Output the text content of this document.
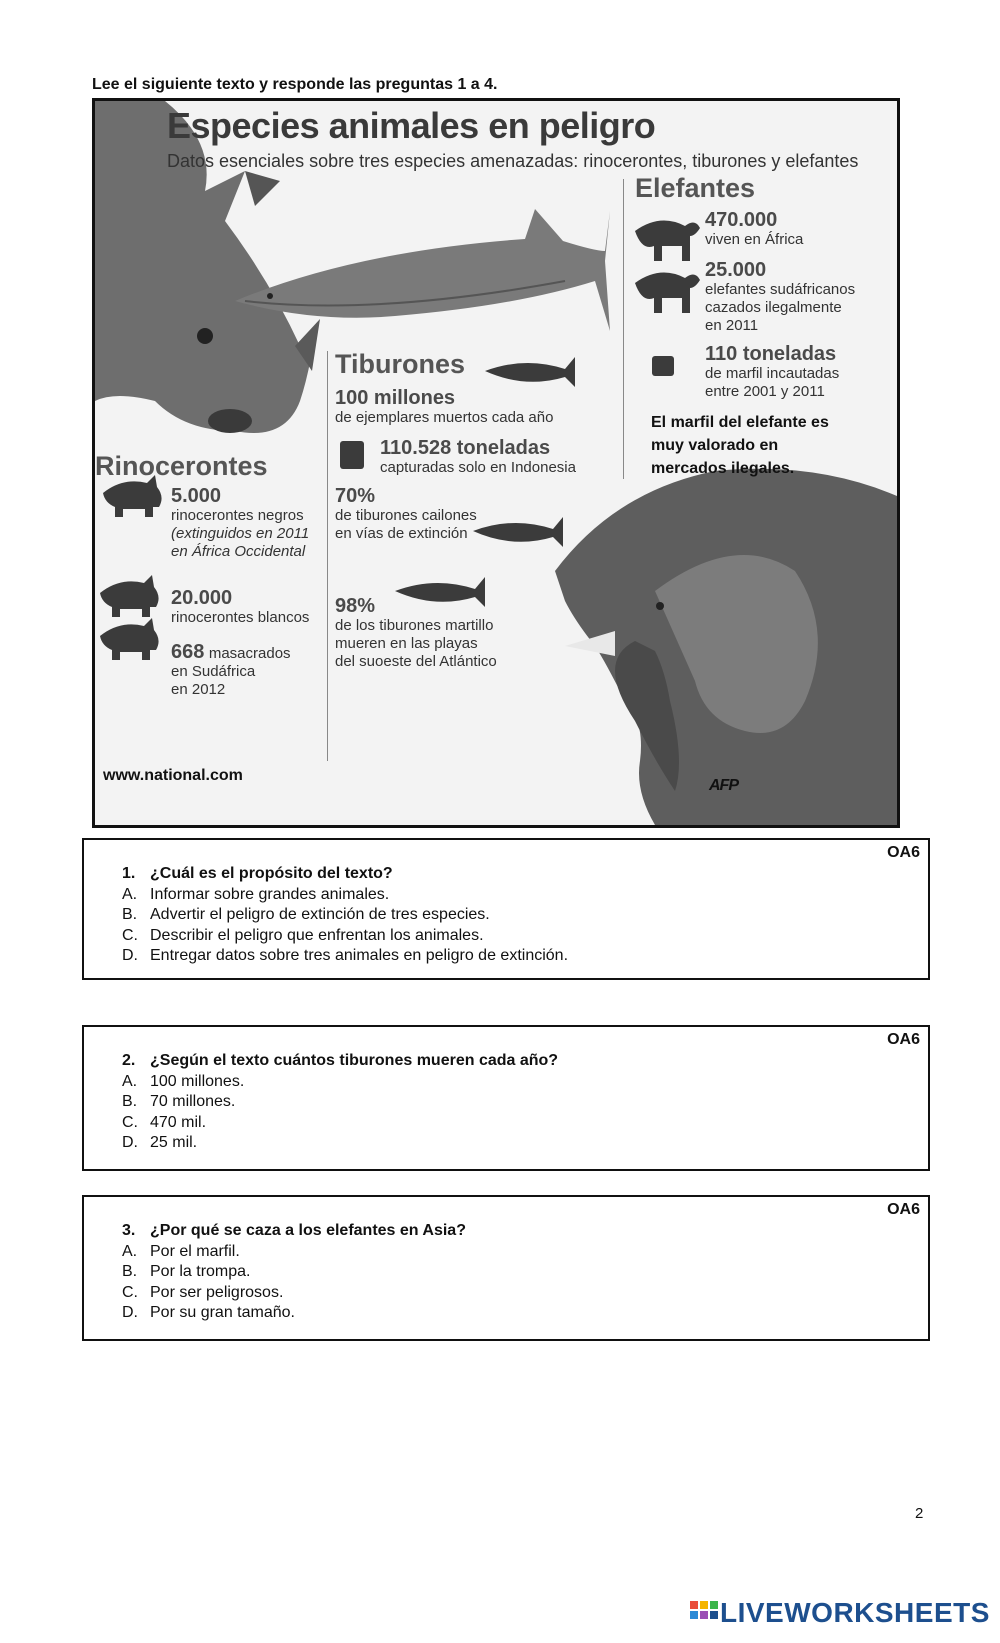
Lee el siguiente texto y responde las preguntas 1 a 4.
Especies animales en peligro
Datos esenciales sobre tres especies amenazadas: rinocerontes, tiburones y elefantes
Elefantes
470.000
viven en África
25.000
elefantes sudáfricanos
cazados ilegalmente
en 2011
110 toneladas
de marfil incautadas
entre 2001 y 2011
El marfil del elefante es
muy valorado en
mercados ilegales.
Tiburones
100 millones
de ejemplares muertos cada año
110.528 toneladas
capturadas solo en Indonesia
70%
de tiburones cailones
en vías de extinción
98%
de los tiburones martillo
mueren en las playas
del suoeste del Atlántico
Rinocerontes
5.000
rinocerontes negros
(extinguidos en 2011
en África Occidental
20.000
rinocerontes blancos
668 masacrados
en Sudáfrica
en 2012
www.national.com
AFP
OA6
1. ¿Cuál es el propósito del texto?
A. Informar sobre grandes animales.
B. Advertir el peligro de extinción de tres especies.
C. Describir el peligro que enfrentan los animales.
D. Entregar datos sobre tres animales en peligro de extinción.
OA6
2. ¿Según el texto cuántos tiburones mueren cada año?
A. 100 millones.
B. 70 millones.
C. 470 mil.
D. 25 mil.
OA6
3. ¿Por qué se caza a los elefantes en Asia?
A. Por el marfil.
B. Por la trompa.
C. Por ser peligrosos.
D. Por su gran tamaño.
2
LIVEWORKSHEETS
